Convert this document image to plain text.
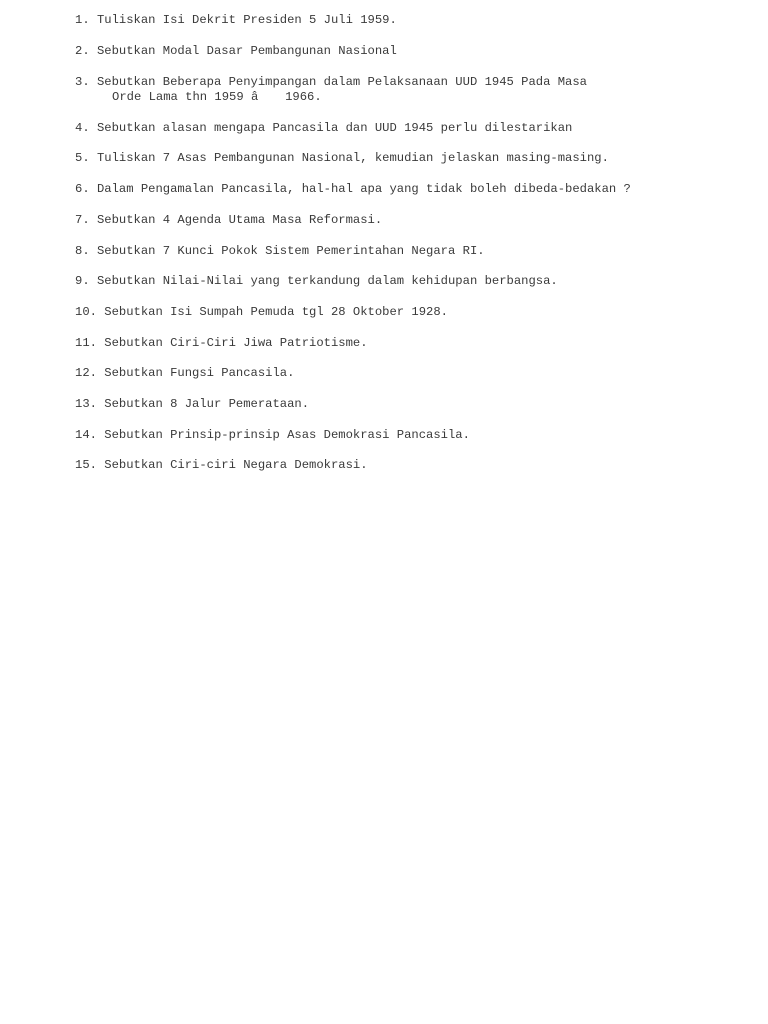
1. Tuliskan Isi Dekrit Presiden 5 Juli 1959.

2. Sebutkan Modal Dasar Pembangunan Nasional

3. Sebutkan Beberapa Penyimpangan dalam Pelaksanaan UUD 1945 Pada Masa
Orde Lama thn 1959 â 1966.

4. Sebutkan alasan mengapa Pancasila dan UUD 1945 perlu dilestarikan

5. Tuliskan 7 Asas Pembangunan Nasional, kemudian jelaskan masing-masing.

6. Dalam Pengamalan Pancasila, hal-hal apa yang tidak boleh dibeda-bedakan ?

7. Sebutkan 4 Agenda Utama Masa Reformasi.

8. Sebutkan 7 Kunci Pokok Sistem Pemerintahan Negara RI.

9. Sebutkan Nilai-Nilai yang terkandung dalam kehidupan berbangsa.

10. Sebutkan Isi Sumpah Pemuda tgl 28 Oktober 1928.

11. Sebutkan Ciri-Ciri Jiwa Patriotisme.

12. Sebutkan Fungsi Pancasila.

13. Sebutkan 8 Jalur Pemerataan.

14. Sebutkan Prinsip-prinsip Asas Demokrasi Pancasila.

15. Sebutkan Ciri-ciri Negara Demokrasi.
